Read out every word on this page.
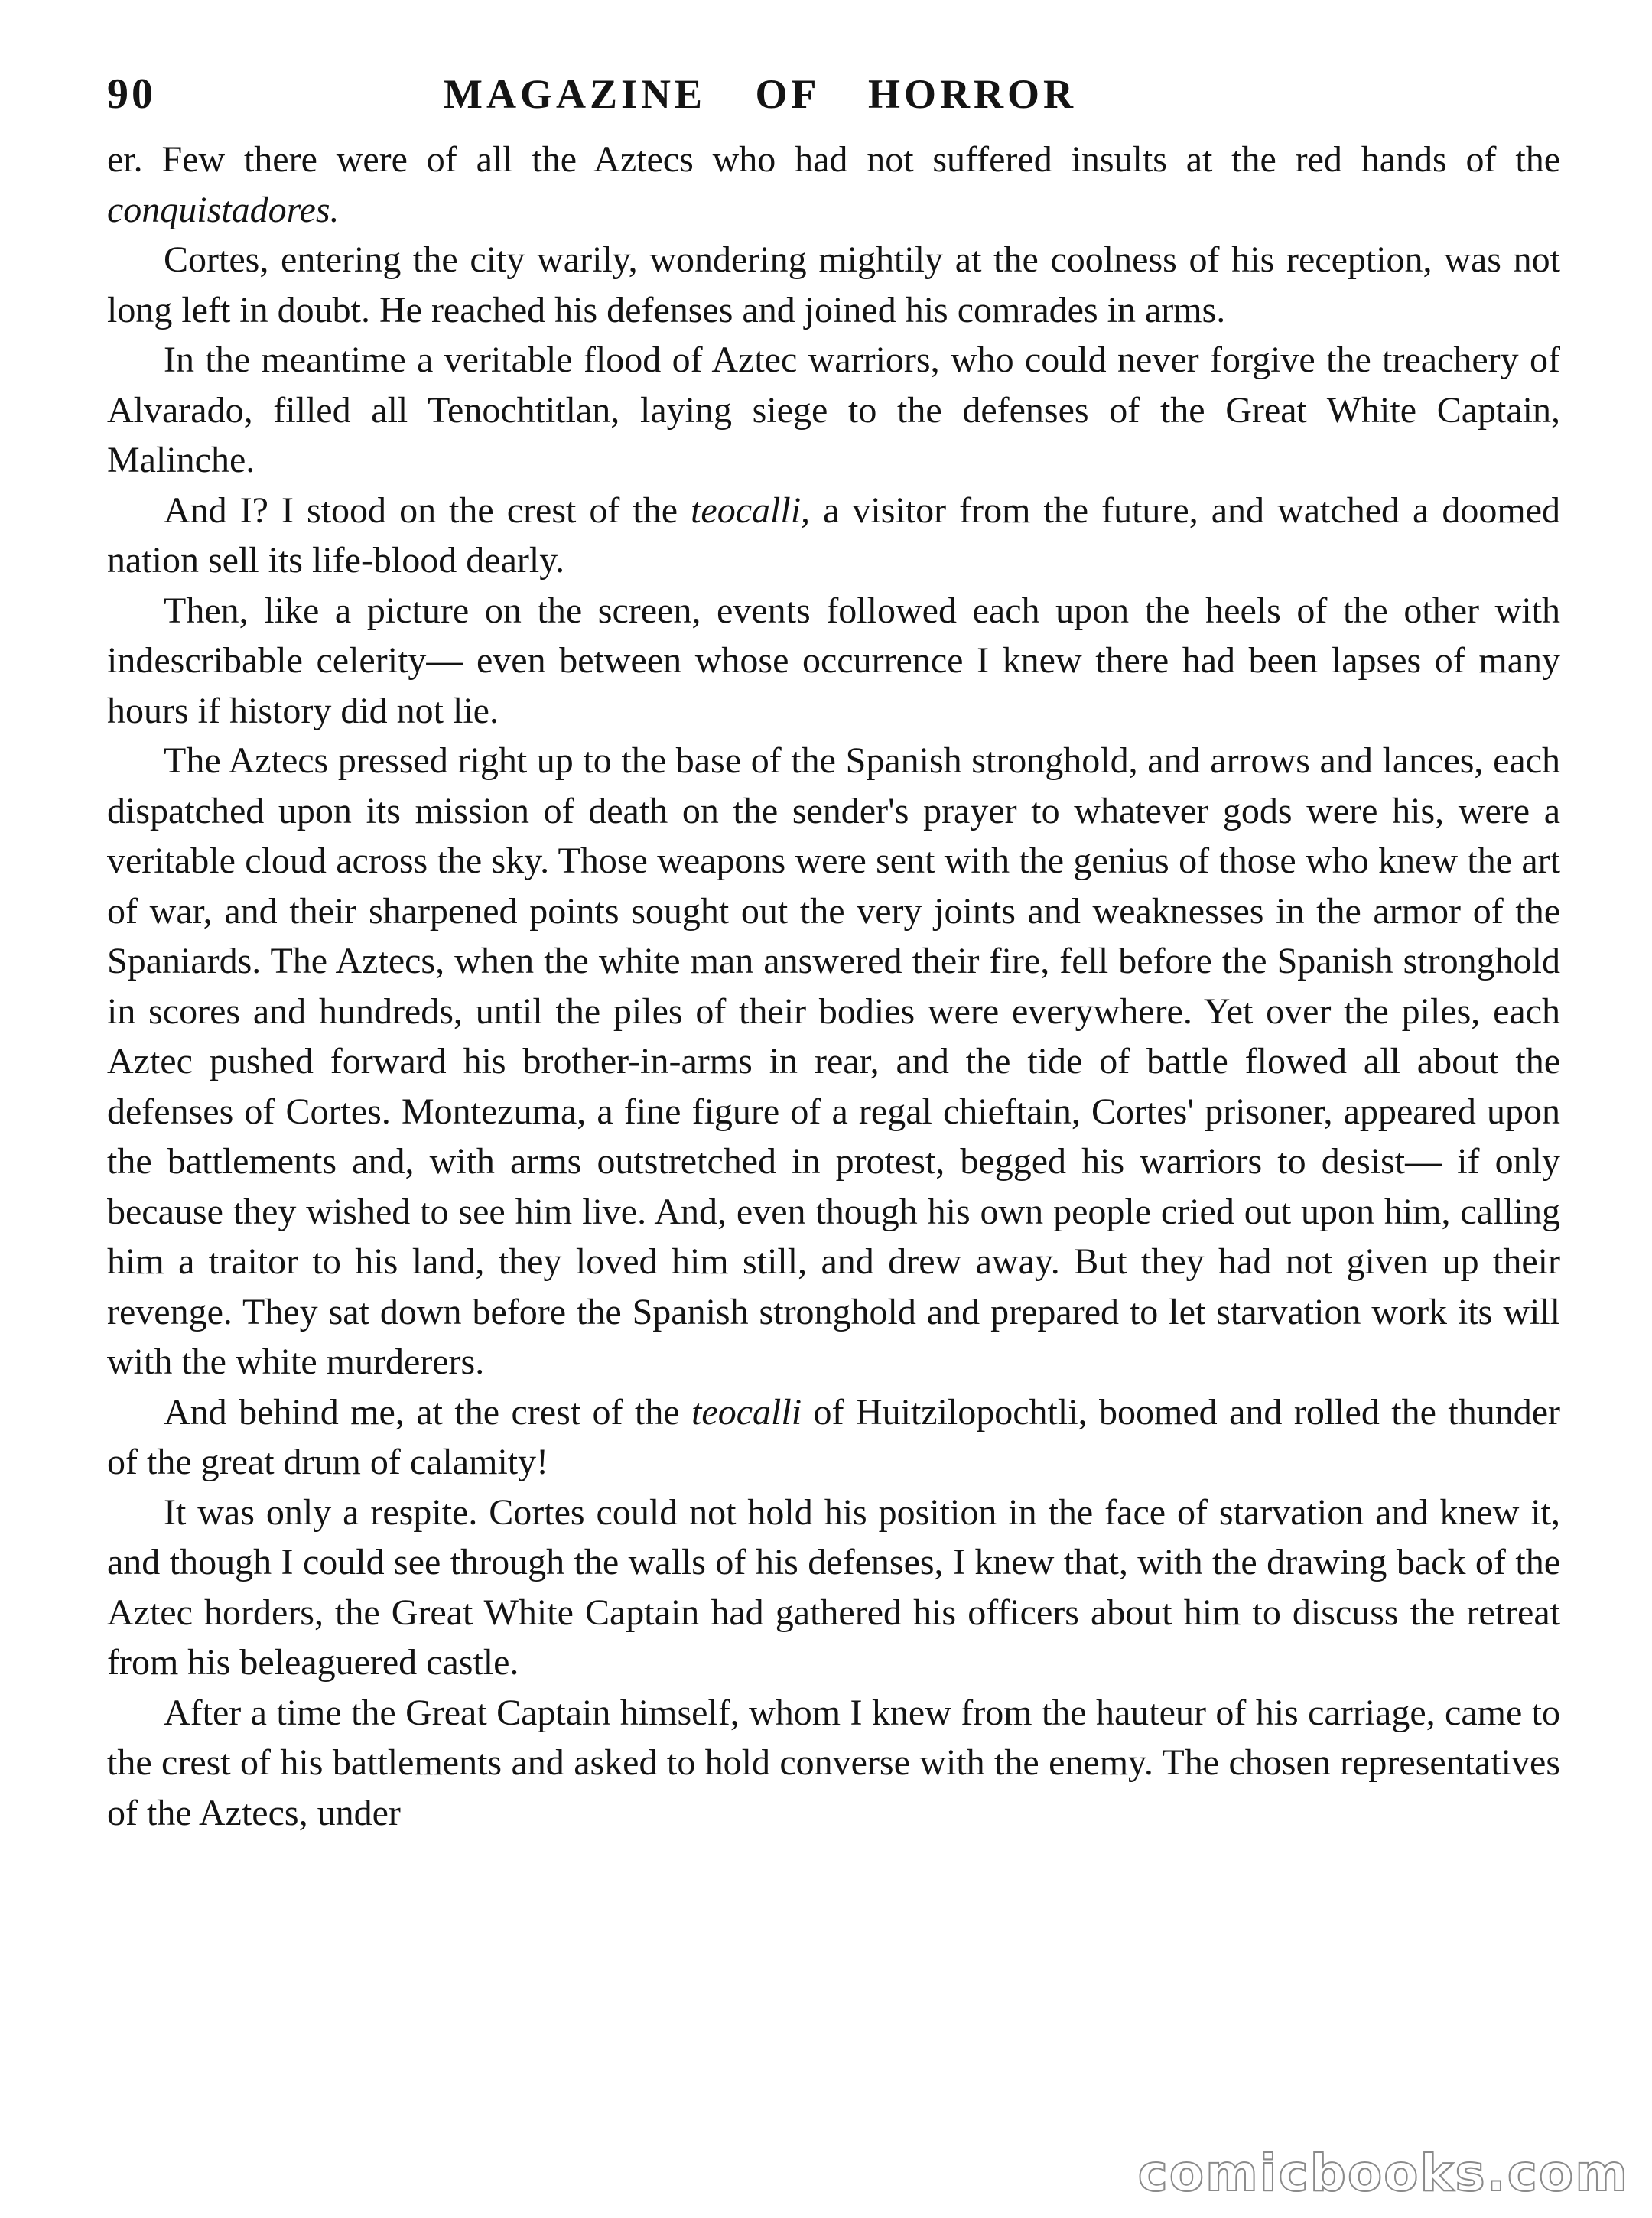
90	MAGAZINE OF HORROR

er. Few there were of all the Aztecs who had not suffered insults at the red hands of the conquistadores.

Cortes, entering the city warily, wondering mightily at the coolness of his reception, was not long left in doubt. He reached his defenses and joined his comrades in arms.

In the meantime a veritable flood of Aztec warriors, who could never forgive the treachery of Alvarado, filled all Tenochtitlan, laying siege to the defenses of the Great White Captain, Malinche.

And I? I stood on the crest of the teocalli, a visitor from the future, and watched a doomed nation sell its life-blood dearly.

Then, like a picture on the screen, events followed each upon the heels of the other with indescribable celerity— even between whose occurrence I knew there had been lapses of many hours if history did not lie.

The Aztecs pressed right up to the base of the Spanish stronghold, and arrows and lances, each dispatched upon its mission of death on the sender's prayer to whatever gods were his, were a veritable cloud across the sky. Those weapons were sent with the genius of those who knew the art of war, and their sharpened points sought out the very joints and weaknesses in the armor of the Spaniards. The Aztecs, when the white man answered their fire, fell before the Spanish stronghold in scores and hundreds, until the piles of their bodies were everywhere. Yet over the piles, each Aztec pushed forward his brother-in-arms in rear, and the tide of battle flowed all about the defenses of Cortes. Montezuma, a fine figure of a regal chieftain, Cortes' prisoner, appeared upon the battlements and, with arms outstretched in protest, begged his warriors to desist— if only because they wished to see him live. And, even though his own people cried out upon him, calling him a traitor to his land, they loved him still, and drew away. But they had not given up their revenge. They sat down before the Spanish stronghold and prepared to let starvation work its will with the white murderers.

And behind me, at the crest of the teocalli of Huitzilopochtli, boomed and rolled the thunder of the great drum of calamity!

It was only a respite. Cortes could not hold his position in the face of starvation and knew it, and though I could see through the walls of his defenses, I knew that, with the drawing back of the Aztec horders, the Great White Captain had gathered his officers about him to discuss the retreat from his beleaguered castle.

After a time the Great Captain himself, whom I knew from the hauteur of his carriage, came to the crest of his battlements and asked to hold converse with the enemy. The chosen representatives of the Aztecs, under

comicbooks.com
